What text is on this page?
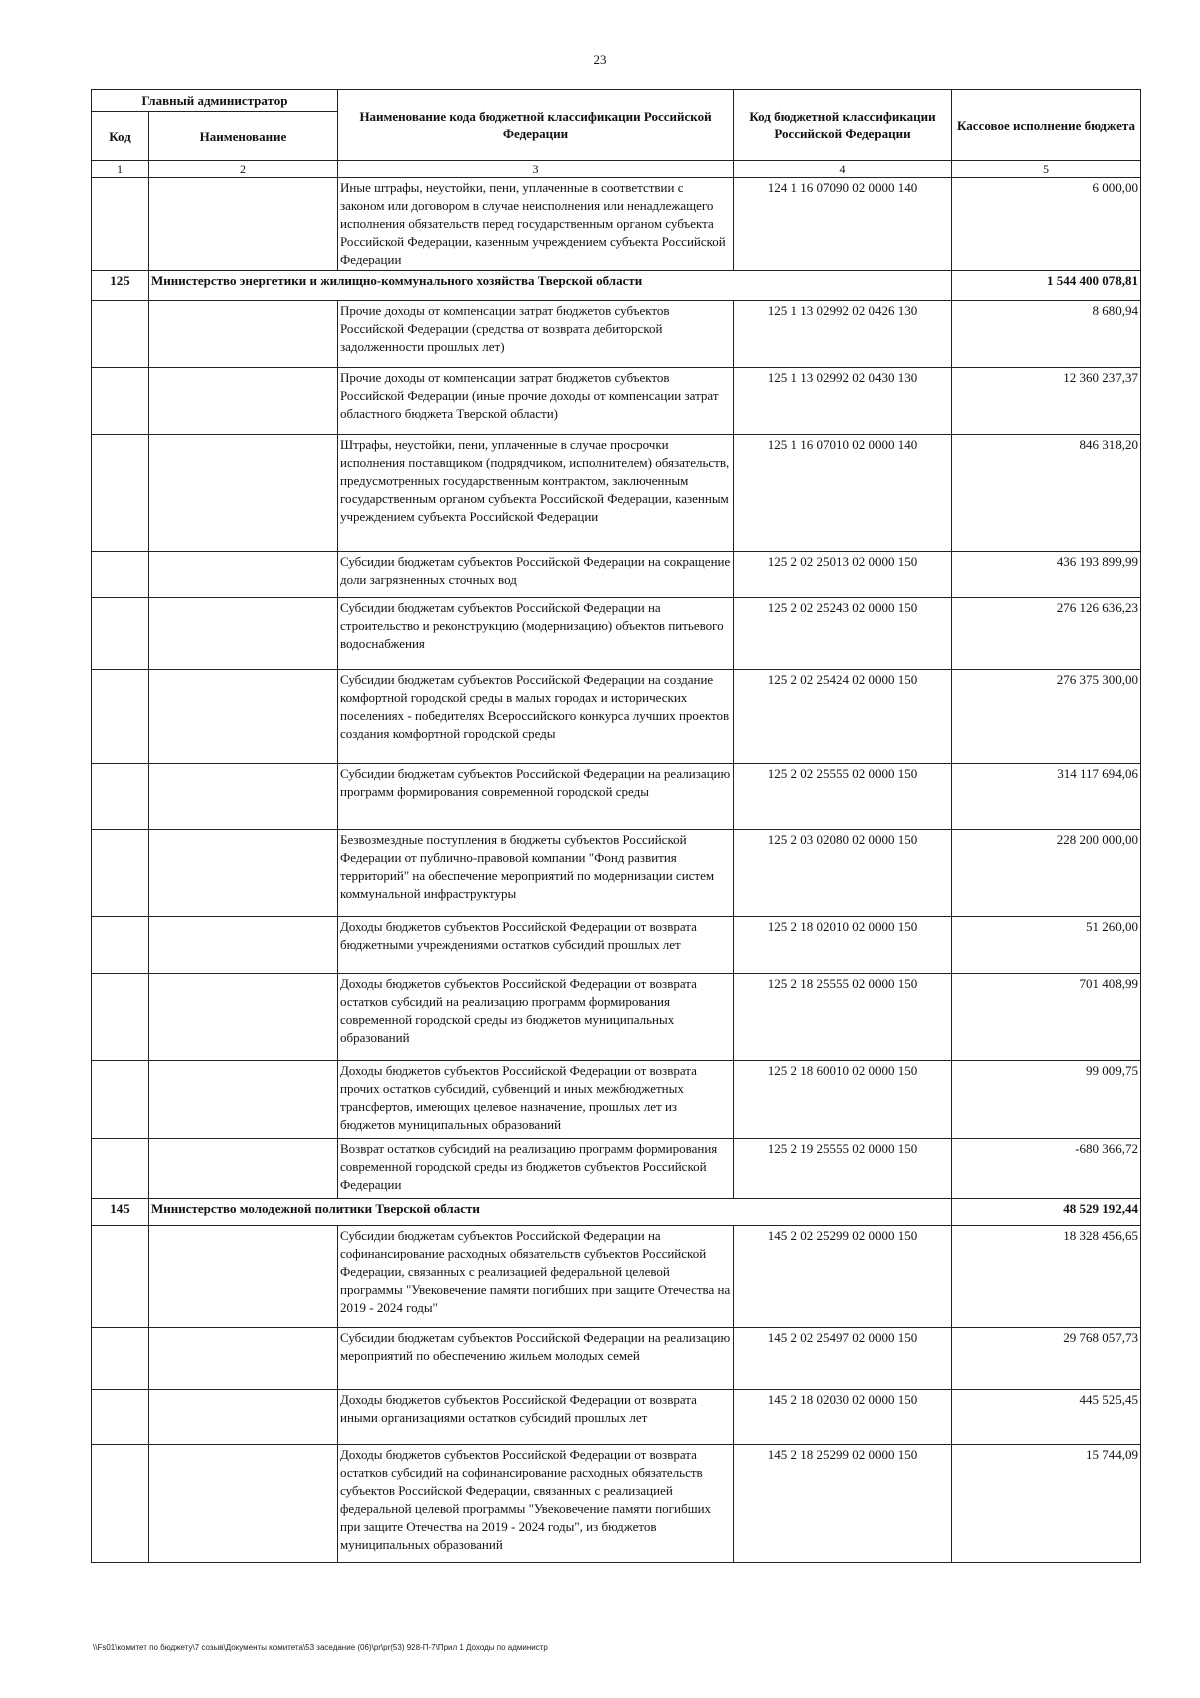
23
Главный администратор		Наименование кода бюджетной классификации Российской Федерации	Код бюджетной классификации Российской Федерации	Кассовое исполнение бюджета
Код	Наименование			
1	2	3	4	5
		Иные штрафы, неустойки, пени, уплаченные в соответствии с законом или договором в случае неисполнения или ненадлежащего исполнения обязательств перед государственным органом субъекта Российской Федерации, казенным учреждением субъекта Российской Федерации	124 1 16 07090 02 0000 140	6 000,00
125	Министерство энергетики и жилищно-коммунального хозяйства Тверской области			1 544 400 078,81
		Прочие доходы от компенсации затрат бюджетов субъектов Российской Федерации (средства от возврата дебиторской задолженности прошлых лет)	125 1 13 02992 02 0426 130	8 680,94
		Прочие доходы от компенсации затрат бюджетов субъектов Российской Федерации (иные прочие доходы от компенсации затрат областного бюджета Тверской области)	125 1 13 02992 02 0430 130	12 360 237,37
		Штрафы, неустойки, пени, уплаченные в случае просрочки исполнения поставщиком (подрядчиком, исполнителем) обязательств, предусмотренных государственным контрактом, заключенным государственным органом субъекта Российской Федерации, казенным учреждением субъекта Российской Федерации	125 1 16 07010 02 0000 140	846 318,20
		Субсидии бюджетам субъектов Российской Федерации на сокращение доли загрязненных сточных вод	125 2 02 25013 02 0000 150	436 193 899,99
		Субсидии бюджетам субъектов Российской Федерации на строительство и реконструкцию (модернизацию) объектов питьевого водоснабжения	125 2 02 25243 02 0000 150	276 126 636,23
		Субсидии бюджетам субъектов Российской Федерации на создание комфортной городской среды в малых городах и исторических поселениях - победителях Всероссийского конкурса лучших проектов создания комфортной городской среды	125 2 02 25424 02 0000 150	276 375 300,00
		Субсидии бюджетам субъектов Российской Федерации на реализацию программ формирования современной городской среды	125 2 02 25555 02 0000 150	314 117 694,06
		Безвозмездные поступления в бюджеты субъектов Российской Федерации от публично-правовой компании "Фонд развития территорий" на обеспечение мероприятий по модернизации систем коммунальной инфраструктуры	125 2 03 02080 02 0000 150	228 200 000,00
		Доходы бюджетов субъектов Российской Федерации от возврата бюджетными учреждениями остатков субсидий прошлых лет	125 2 18 02010 02 0000 150	51 260,00
		Доходы бюджетов субъектов Российской Федерации от возврата остатков субсидий на реализацию программ формирования современной городской среды из бюджетов муниципальных образований	125 2 18 25555 02 0000 150	701 408,99
		Доходы бюджетов субъектов Российской Федерации от возврата прочих остатков субсидий, субвенций и иных межбюджетных трансфертов, имеющих целевое назначение, прошлых лет из бюджетов муниципальных образований	125 2 18 60010 02 0000 150	99 009,75
		Возврат остатков субсидий на реализацию программ формирования современной городской среды из бюджетов субъектов Российской Федерации	125 2 19 25555 02 0000 150	-680 366,72
145	Министерство молодежной политики Тверской области			48 529 192,44
		Субсидии бюджетам субъектов Российской Федерации на софинансирование расходных обязательств субъектов Российской Федерации, связанных с реализацией федеральной целевой программы "Увековечение памяти погибших при защите Отечества на 2019 - 2024 годы"	145 2 02 25299 02 0000 150	18 328 456,65
		Субсидии бюджетам субъектов Российской Федерации на реализацию мероприятий по обеспечению жильем молодых семей	145 2 02 25497 02 0000 150	29 768 057,73
		Доходы бюджетов субъектов Российской Федерации от возврата иными организациями остатков субсидий прошлых лет	145 2 18 02030 02 0000 150	445 525,45
		Доходы бюджетов субъектов Российской Федерации от возврата остатков субсидий на софинансирование расходных обязательств субъектов Российской Федерации, связанных с реализацией федеральной целевой программы "Увековечение памяти погибших при защите Отечества на 2019 - 2024 годы", из бюджетов муниципальных образований	145 2 18 25299 02 0000 150	15 744,09
\\Fs01\комитет по бюджету\7 созыв\Документы комитета\53 заседание (06)\pr\pr(53) 928-П-7\Прил 1 Доходы по администр
